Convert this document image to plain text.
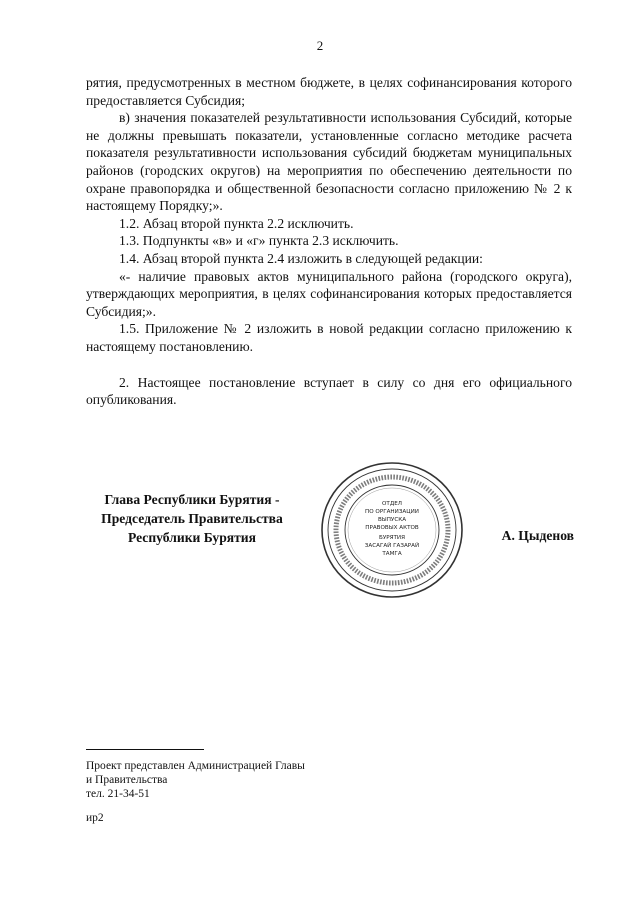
2

рятия, предусмотренных в местном бюджете, в целях софинансирования которого предоставляется Субсидия;

в) значения показателей результативности использования Субсидий, которые не должны превышать показатели, установленные согласно методике расчета показателя результативности использования субсидий бюджетам муниципальных районов (городских округов) на мероприятия по обеспечению деятельности по охране правопорядка и общественной безопасности согласно приложению № 2 к настоящему Порядку;».

1.2. Абзац второй пункта 2.2 исключить.

1.3. Подпункты «в» и «г» пункта 2.3 исключить.

1.4. Абзац второй пункта 2.4 изложить в следующей редакции:

«- наличие правовых актов муниципального района (городского округа), утверждающих мероприятия, в целях софинансирования которых предоставляется Субсидия;».

1.5. Приложение № 2 изложить в новой редакции согласно приложению к настоящему постановлению.

2. Настоящее постановление вступает в силу со дня его официального опубликования.

Глава Республики Бурятия -
Председатель Правительства
Республики Бурятия
ОТДЕЛ
ПО ОРГАНИЗАЦИИ
ВЫПУСКА
ПРАВОВЫХ АКТОВ
БУРЯТИЯ
ЗАСАГАЙ ГАЗАРАЙ
ТАМГА
А. Цыденов
Проект представлен Администрацией Главы
и Правительства
тел. 21-34-51
ир2
